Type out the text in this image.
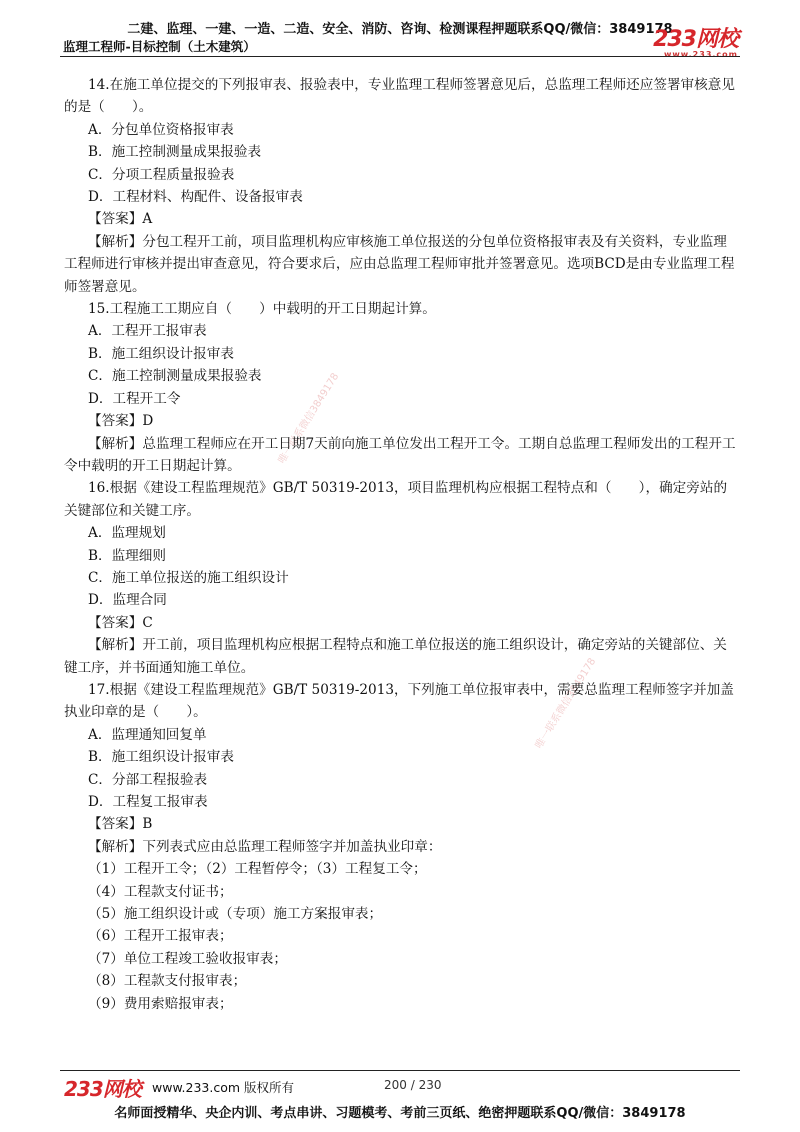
二建、监理、一建、一造、二造、安全、消防、咨询、检测课程押题联系QQ/微信：3849178
监理工程师-目标控制（土木建筑）	233网校
www.233.com
唯一联系微信3849178
唯一联系微信3849178

14.在施工单位提交的下列报审表、报验表中，专业监理工程师签署意见后，总监理工程师还应签署审核意见的是（　　）。

A．分包单位资格报审表

B．施工控制测量成果报验表

C．分项工程质量报验表

D．工程材料、构配件、设备报审表

【答案】A

【解析】分包工程开工前，项目监理机构应审核施工单位报送的分包单位资格报审表及有关资料，专业监理工程师进行审核并提出审查意见，符合要求后，应由总监理工程师审批并签署意见。选项BCD是由专业监理工程师签署意见。

15.工程施工工期应自（　　）中载明的开工日期起计算。

A．工程开工报审表

B．施工组织设计报审表

C．施工控制测量成果报验表

D．工程开工令

【答案】D

【解析】总监理工程师应在开工日期7天前向施工单位发出工程开工令。工期自总监理工程师发出的工程开工令中载明的开工日期起计算。

16.根据《建设工程监理规范》GB/T 50319-2013，项目监理机构应根据工程特点和（　　），确定旁站的关键部位和关键工序。

A．监理规划

B．监理细则

C．施工单位报送的施工组织设计

D．监理合同

【答案】C

【解析】开工前，项目监理机构应根据工程特点和施工单位报送的施工组织设计，确定旁站的关键部位、关键工序，并书面通知施工单位。

17.根据《建设工程监理规范》GB/T 50319-2013，下列施工单位报审表中，需要总监理工程师签字并加盖执业印章的是（　　）。

A．监理通知回复单

B．施工组织设计报审表

C．分部工程报验表

D．工程复工报审表

【答案】B

【解析】下列表式应由总监理工程师签字并加盖执业印章：

（1）工程开工令；（2）工程暂停令；（3）工程复工令；

（4）工程款支付证书；

（5）施工组织设计或（专项）施工方案报审表；

（6）工程开工报审表；

（7）单位工程竣工验收报审表；

（8）工程款支付报审表；

（9）费用索赔报审表；

233网校 www.233.com 版权所有	200 / 230
名师面授精华、央企内训、考点串讲、习题模考、考前三页纸、绝密押题联系QQ/微信：3849178
